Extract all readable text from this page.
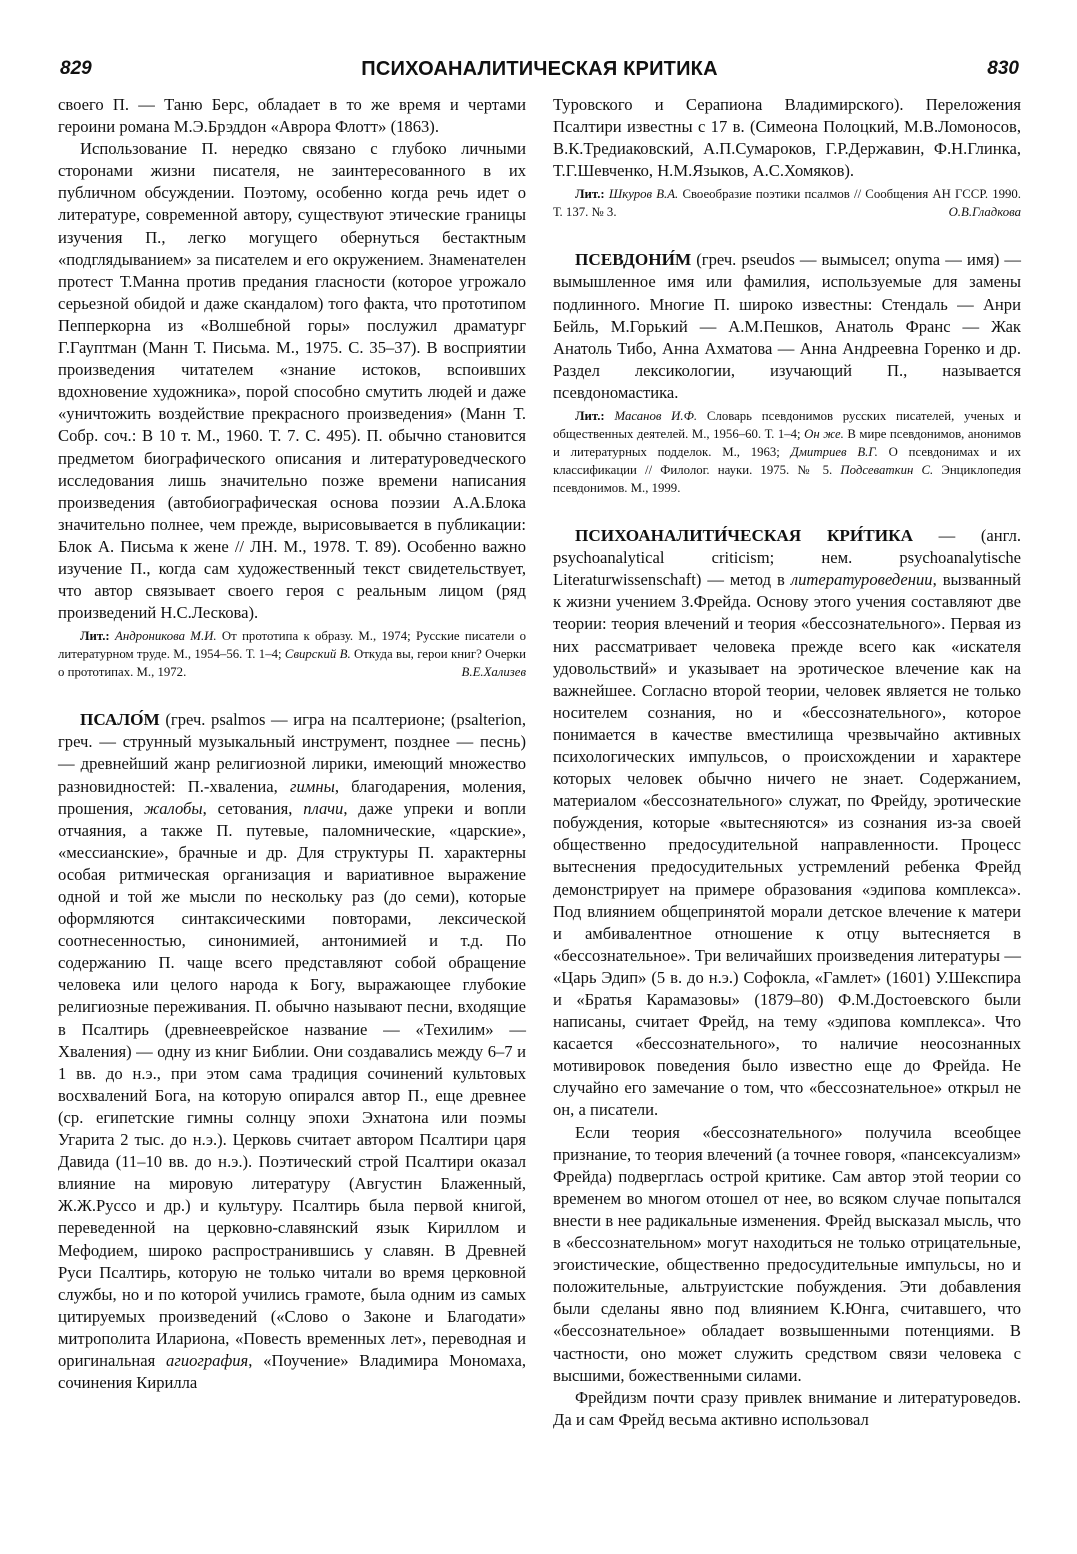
829	ПСИХОАНАЛИТИЧЕСКАЯ КРИТИКА	830

своего П. — Таню Берс, обладает в то же время и чертами героини романа М.Э.Брэддон «Аврора Флотт» (1863).

Использование П. нередко связано с глубоко личными сторонами жизни писателя, не заинтересованного в их публичном обсуждении. Поэтому, особенно когда речь идет о литературе, современной автору, существуют этические границы изучения П., легко могущего обернуться бестактным «подглядыванием» за писателем и его окружением. Знаменателен протест Т.Манна против предания гласности (которое угрожало серьезной обидой и даже скандалом) того факта, что прототипом Пепперкорна из «Волшебной горы» послужил драматург Г.Гауптман (Манн Т. Письма. М., 1975. С. 35–37). В восприятии произведения читателем «знание истоков, вспоивших вдохновение художника», порой способно смутить людей и даже «уничтожить воздействие прекрасного произведения» (Манн Т. Собр. соч.: В 10 т. М., 1960. Т. 7. С. 495). П. обычно становится предметом биографического описания и литературоведческого исследования лишь значительно позже времени написания произведения (автобиографическая основа поэзии А.А.Блока значительно полнее, чем прежде, вырисовывается в публикации: Блок А. Письма к жене // ЛН. М., 1978. Т. 89). Особенно важно изучение П., когда сам художественный текст свидетельствует, что автор связывает своего героя с реальным лицом (ряд произведений Н.С.Лескова).

Лит.: Андроникова М.И. От прототипа к образу. М., 1974; Русские писатели о литературном труде. М., 1954–56. Т. 1–4; Свирский В. Откуда вы, герои книг? Очерки о прототипах. М., 1972.	В.Е.Хализев

ПСАЛО́М (греч. psalmos — игра на псалтерионе; (psalterion, греч. — струнный музыкальный инструмент, позднее — песнь) — древнейший жанр религиозной лирики, имеющий множество разновидностей: П.-хвалениа, гимны, благодарения, моления, прошения, жалобы, сетования, плачи, даже упреки и вопли отчаяния, а также П. путевые, паломнические, «царские», «мессианские», брачные и др. Для структуры П. характерны особая ритмическая организация и вариативное выражение одной и той же мысли по нескольку раз (до семи), которые оформляются синтаксическими повторами, лексической соотнесенностью, синонимией, антонимией и т.д. По содержанию П. чаще всего представляют собой обращение человека или целого народа к Богу, выражающее глубокие религиозные переживания. П. обычно называют песни, входящие в Псалтирь (древнееврейское название — «Техилим» — Хваления) — одну из книг Библии. Они создавались между 6–7 и 1 вв. до н.э., при этом сама традиция сочинений культовых восхвалений Бога, на которую опирался автор П., еще древнее (ср. египетские гимны солнцу эпохи Эхнатона или поэмы Угарита 2 тыс. до н.э.). Церковь считает автором Псалтири царя Давида (11–10 вв. до н.э.). Поэтический строй Псалтири оказал влияние на мировую литературу (Августин Блаженный, Ж.Ж.Руссо и др.) и культуру. Псалтирь была первой книгой, переведенной на церковно-славянский язык Кириллом и Мефодием, широко распространившись у славян. В Древней Руси Псалтирь, которую не только читали во время церковной службы, но и по которой учились грамоте, была одним из самых цитируемых произведений («Слово о Законе и Благодати» митрополита Илариона, «Повесть временных лет», переводная и оригинальная агиография, «Поучение» Владимира Мономаха, сочинения Кирилла

Туровского и Серапиона Владимирского). Переложения Псалтири известны с 17 в. (Симеона Полоцкий, М.В.Ломоносов, В.К.Тредиаковский, А.П.Сумароков, Г.Р.Державин, Ф.Н.Глинка, Т.Г.Шевченко, Н.М.Языков, А.С.Хомяков).

Лит.: Шкуров В.А. Своеобразие поэтики псалмов // Сообщения АН ГССР. 1990. Т. 137. № 3.	О.В.Гладкова

ПСЕВДОНИ́М (греч. pseudos — вымысел; onyma — имя) — вымышленное имя или фамилия, используемые для замены подлинного. Многие П. широко известны: Стендаль — Анри Бейль, М.Горький — А.М.Пешков, Анатоль Франс — Жак Анатоль Тибо, Анна Ахматова — Анна Андреевна Горенко и др. Раздел лексикологии, изучающий П., называется псевдономастика.

Лит.: Масанов И.Ф. Словарь псевдонимов русских писателей, ученых и общественных деятелей. М., 1956–60. Т. 1–4; Он же. В мире псевдонимов, анонимов и литературных подделок. М., 1963; Дмитриев В.Г. О псевдонимах и их классификации // Филолог. науки. 1975. № 5. Подсеваткин С. Энциклопедия псевдонимов. М., 1999.

ПСИХОАНАЛИТИ́ЧЕСКАЯ КРИ́ТИКА — (англ. psychoanalytical criticism; нем. psychoanalytische Literaturwissenschaft) — метод в литературоведении, вызванный к жизни учением З.Фрейда. Основу этого учения составляют две теории: теория влечений и теория «бессознательного». Первая из них рассматривает человека прежде всего как «искателя удовольствий» и указывает на эротическое влечение как на важнейшее. Согласно второй теории, человек является не только носителем сознания, но и «бессознательного», которое понимается в качестве вместилища чрезвычайно активных психологических импульсов, о происхождении и характере которых человек обычно ничего не знает. Содержанием, материалом «бессознательного» служат, по Фрейду, эротические побуждения, которые «вытесняются» из сознания из-за своей общественно предосудительной направленности. Процесс вытеснения предосудительных устремлений ребенка Фрейд демонстрирует на примере образования «эдипова комплекса». Под влиянием общепринятой морали детское влечение к матери и амбивалентное отношение к отцу вытесняется в «бессознательное». Три величайших произведения литературы — «Царь Эдип» (5 в. до н.э.) Софокла, «Гамлет» (1601) У.Шекспира и «Братья Карамазовы» (1879–80) Ф.М.Достоевского были написаны, считает Фрейд, на тему «эдипова комплекса». Что касается «бессознательного», то наличие неосознанных мотивировок поведения было известно еще до Фрейда. Не случайно его замечание о том, что «бессознательное» открыл не он, а писатели.

Если теория «бессознательного» получила всеобщее признание, то теория влечений (а точнее говоря, «пансексуализм» Фрейда) подверглась острой критике. Сам автор этой теории со временем во многом отошел от нее, во всяком случае попытался внести в нее радикальные изменения. Фрейд высказал мысль, что в «бессознательном» могут находиться не только отрицательные, эгоистические, общественно предосудительные импульсы, но и положительные, альтруистские побуждения. Эти добавления были сделаны явно под влиянием К.Юнга, считавшего, что «бессознательное» обладает возвышенными потенциями. В частности, оно может служить средством связи человека с высшими, божественными силами.

Фрейдизм почти сразу привлек внимание и литературоведов. Да и сам Фрейд весьма активно использовал
